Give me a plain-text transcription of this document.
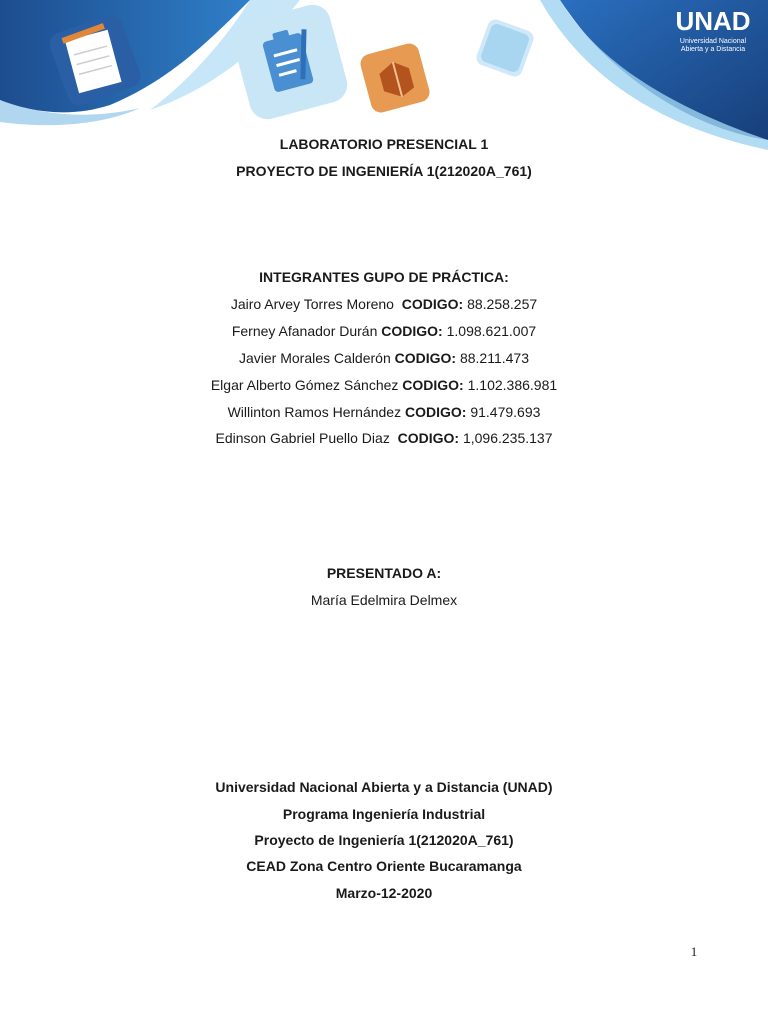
UNAD
Universidad Nacional Abierta y a Distancia
LABORATORIO PRESENCIAL 1
PROYECTO DE INGENIERÍA 1(212020A_761)
INTEGRANTES GUPO DE PRÁCTICA:
Jairo Arvey Torres Moreno CODIGO: 88.258.257
Ferney Afanador Durán CODIGO: 1.098.621.007
Javier Morales Calderón CODIGO: 88.211.473
Elgar Alberto Gómez Sánchez CODIGO: 1.102.386.981
Willinton Ramos Hernández CODIGO: 91.479.693
Edinson Gabriel Puello Diaz CODIGO: 1,096.235.137
PRESENTADO A:
María Edelmira Delmex
Universidad Nacional Abierta y a Distancia (UNAD)
Programa Ingeniería Industrial
Proyecto de Ingeniería 1(212020A_761)
CEAD Zona Centro Oriente Bucaramanga
Marzo-12-2020
1
